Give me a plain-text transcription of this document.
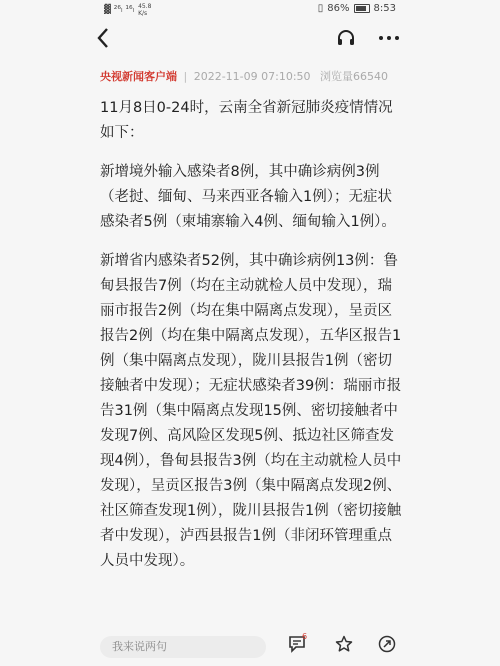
▓ ²⁶ₗ ¹⁶ₗ 45.8
K/s	▯ 86% 8:53
央视新闻客户端 | 2022-11-09 07:10:50 浏览量66540

11月8日0-24时，云南全省新冠肺炎疫情情况如下：

新增境外输入感染者8例，其中确诊病例3例（老挝、缅甸、马来西亚各输入1例）；无症状感染者5例（柬埔寨输入4例、缅甸输入1例）。

新增省内感染者52例，其中确诊病例13例：鲁甸县报告7例（均在主动就检人员中发现），瑞丽市报告2例（均在集中隔离点发现），呈贡区报告2例（均在集中隔离点发现），五华区报告1例（集中隔离点发现），陇川县报告1例（密切接触者中发现）；无症状感染者39例：瑞丽市报告31例（集中隔离点发现15例、密切接触者中发现7例、高风险区发现5例、抵边社区筛查发现4例），鲁甸县报告3例（均在主动就检人员中发现），呈贡区报告3例（集中隔离点发现2例、社区筛查发现1例），陇川县报告1例（密切接触者中发现），泸西县报告1例（非闭环管理重点人员中发现）。

我来说两句
6
